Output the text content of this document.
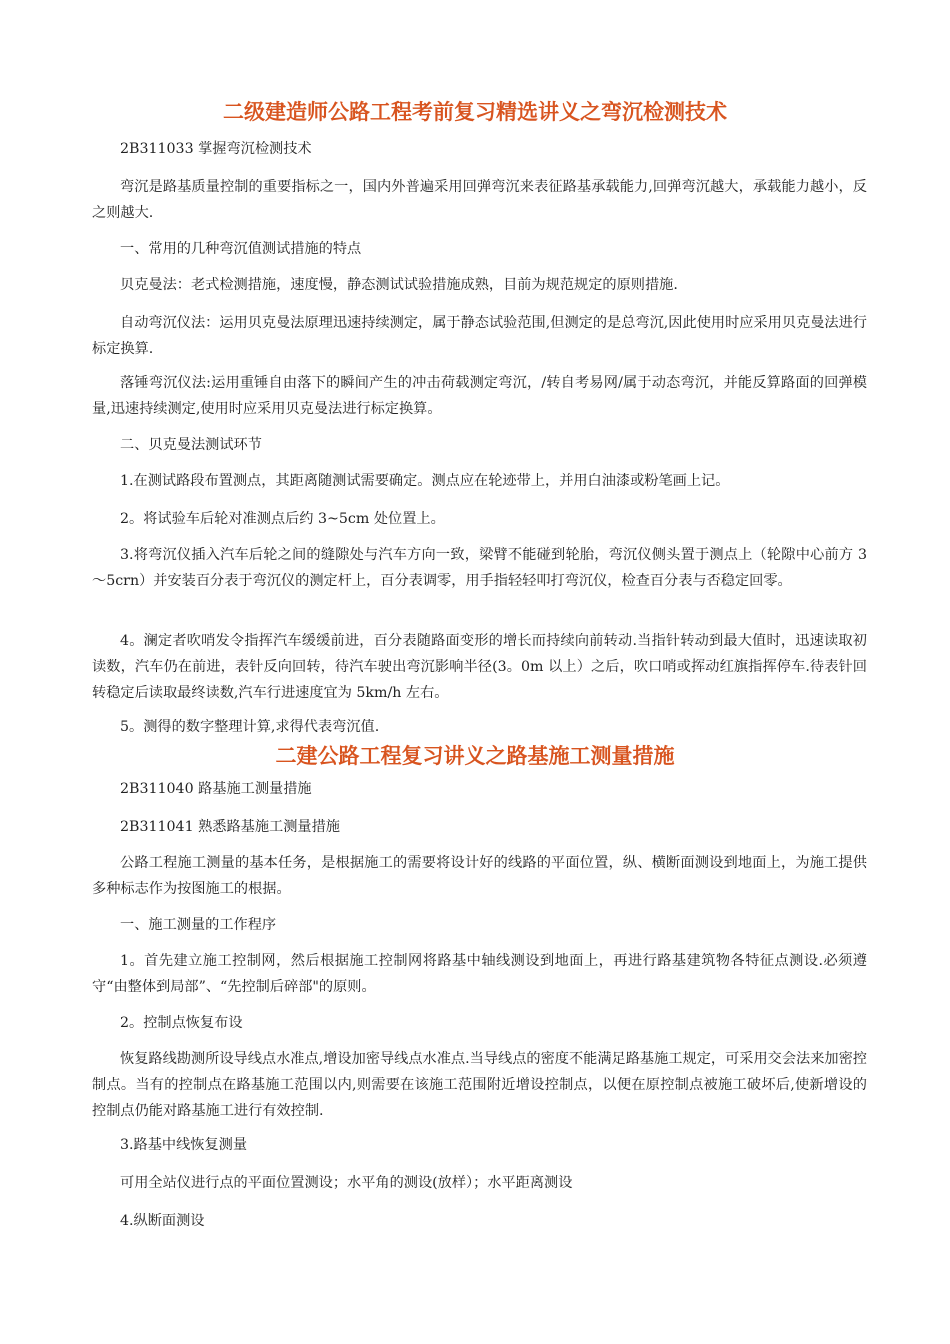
二级建造师公路工程考前复习精选讲义之弯沉检测技术

2B311033 掌握弯沉检测技术

弯沉是路基质量控制的重要指标之一，国内外普遍采用回弹弯沉来表征路基承载能力,回弹弯沉越大，承载能力越小，反之则越大.

一、常用的几种弯沉值测试措施的特点

贝克曼法：老式检测措施，速度慢，静态测试试验措施成熟，目前为规范规定的原则措施.

自动弯沉仪法：运用贝克曼法原理迅速持续测定，属于静态试验范围,但测定的是总弯沉,因此使用时应采用贝克曼法进行标定换算.

落锤弯沉仪法:运用重锤自由落下的瞬间产生的冲击荷载测定弯沉，/转自考易网/属于动态弯沉，并能反算路面的回弹模量,迅速持续测定,使用时应采用贝克曼法进行标定换算。

二、贝克曼法测试环节

1.在测试路段布置测点，其距离随测试需要确定。测点应在轮迹带上，并用白油漆或粉笔画上记。

2。将试验车后轮对准测点后约 3~5cm 处位置上。

3.将弯沉仪插入汽车后轮之间的缝隙处与汽车方向一致，梁臂不能碰到轮胎，弯沉仪侧头置于测点上（轮隙中心前方 3～5crn）并安装百分表于弯沉仪的测定杆上，百分表调零，用手指轻轻叩打弯沉仪，检查百分表与否稳定回零。

4。澜定者吹哨发令指挥汽车缓缓前进，百分表随路面变形的增长而持续向前转动.当指针转动到最大值时，迅速读取初读数，汽车仍在前进，表针反向回转，待汽车驶出弯沉影响半径(3。0m 以上）之后，吹口哨或挥动红旗指挥停车.待表针回转稳定后读取最终读数,汽车行进速度宜为 5km/h 左右。

5。测得的数字整理计算,求得代表弯沉值.

二建公路工程复习讲义之路基施工测量措施

2B311040 路基施工测量措施

2B311041 熟悉路基施工测量措施

公路工程施工测量的基本任务，是根据施工的需要将设计好的线路的平面位置，纵、横断面测设到地面上，为施工提供多种标志作为按图施工的根据。

一、施工测量的工作程序

1。首先建立施工控制网，然后根据施工控制网将路基中轴线测设到地面上，再进行路基建筑物各特征点测设.必须遵守“由整体到局部”、“先控制后碎部"的原则。

2。控制点恢复布设

恢复路线勘测所设导线点水准点,增设加密导线点水准点.当导线点的密度不能满足路基施工规定，可采用交会法来加密控制点。当有的控制点在路基施工范围以内,则需要在该施工范围附近增设控制点，以便在原控制点被施工破坏后,使新增设的控制点仍能对路基施工进行有效控制.

3.路基中线恢复测量

可用全站仪进行点的平面位置测设；水平角的测设(放样）；水平距离测设

4.纵断面测设
